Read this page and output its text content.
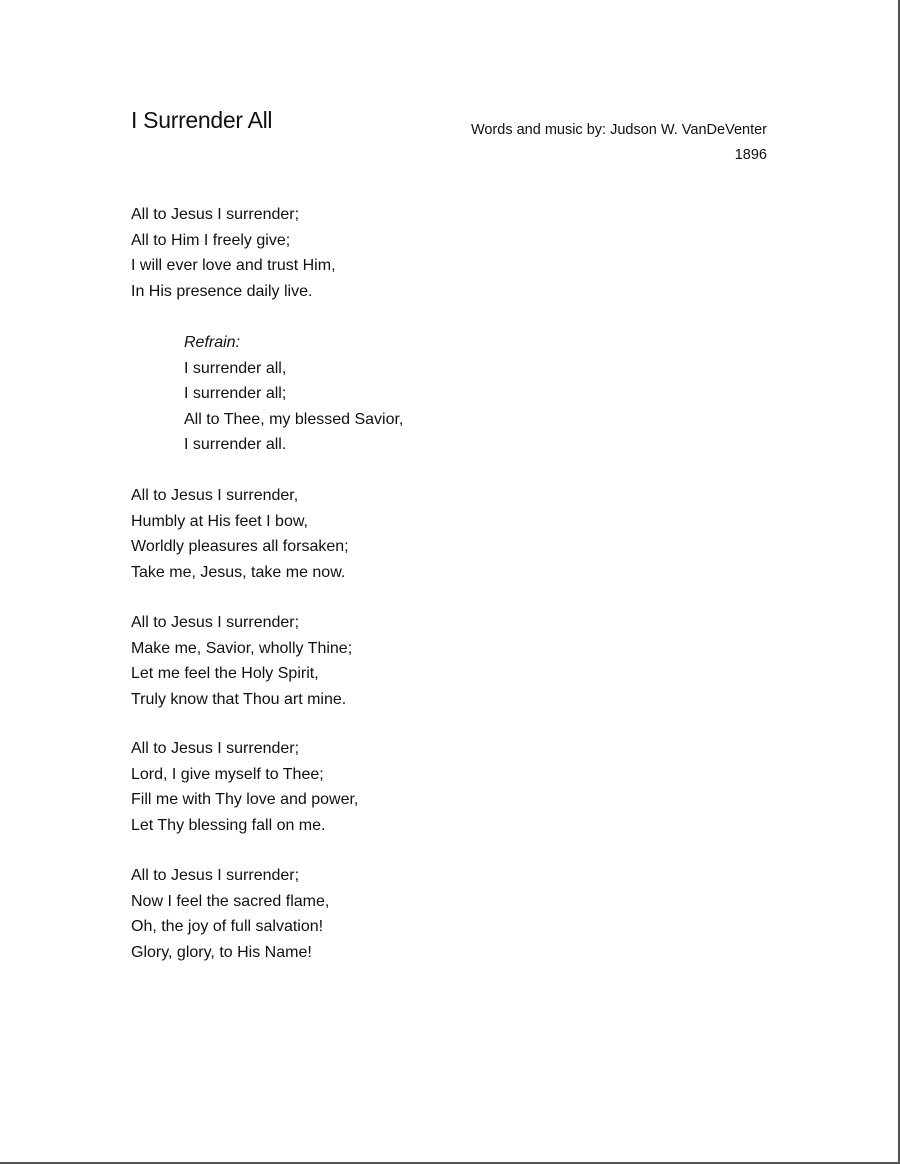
I Surrender All	Words and music by: Judson W. VanDeVenter
1896
All to Jesus I surrender;
All to Him I freely give;
I will ever love and trust Him,
In His presence daily live.
Refrain:
I surrender all,
I surrender all;
All to Thee, my blessed Savior,
I surrender all.
All to Jesus I surrender,
Humbly at His feet I bow,
Worldly pleasures all forsaken;
Take me, Jesus, take me now.
All to Jesus I surrender;
Make me, Savior, wholly Thine;
Let me feel the Holy Spirit,
Truly know that Thou art mine.
All to Jesus I surrender;
Lord, I give myself to Thee;
Fill me with Thy love and power,
Let Thy blessing fall on me.
All to Jesus I surrender;
Now I feel the sacred flame,
Oh, the joy of full salvation!
Glory, glory, to His Name!
